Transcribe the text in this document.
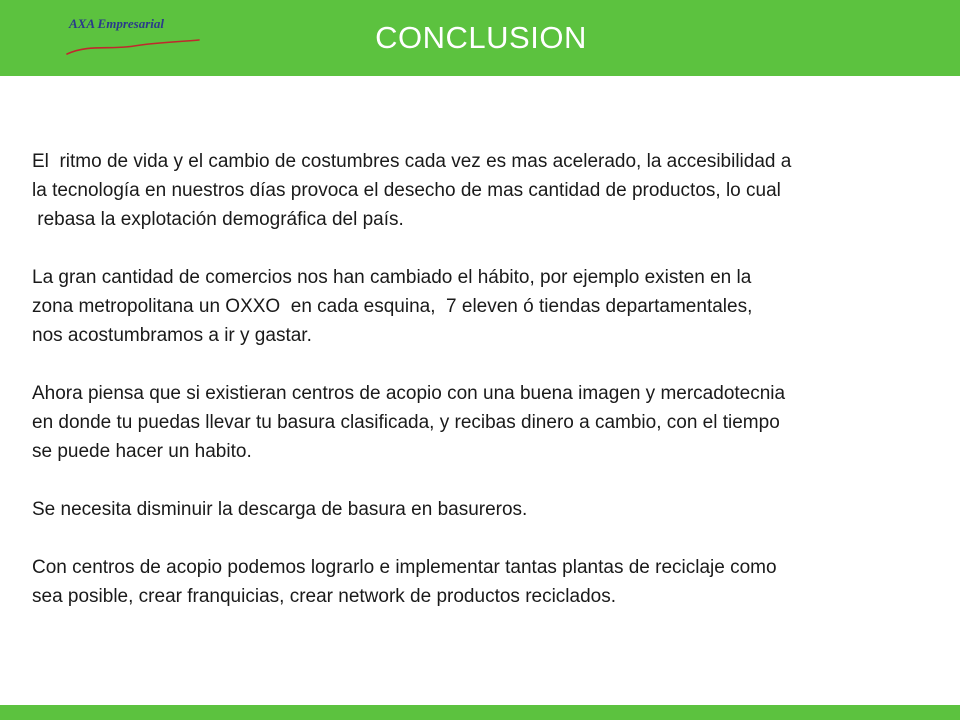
AXA Empresarial	CONCLUSION

El  ritmo de vida y el cambio de costumbres cada vez es mas acelerado, la accesibilidad a
la tecnología en nuestros días provoca el desecho de mas cantidad de productos, lo cual
rebasa la explotación demográfica del país.

La gran cantidad de comercios nos han cambiado el hábito, por ejemplo existen en la
zona metropolitana un OXXO  en cada esquina,  7 eleven ó tiendas departamentales,
nos acostumbramos a ir y gastar.

Ahora piensa que si existieran centros de acopio con una buena imagen y mercadotecnia
en donde tu puedas llevar tu basura clasificada, y recibas dinero a cambio, con el tiempo
se puede hacer un habito.

Se necesita disminuir la descarga de basura en basureros.

Con centros de acopio podemos lograrlo e implementar tantas plantas de reciclaje como
sea posible, crear franquicias, crear network de productos reciclados.
